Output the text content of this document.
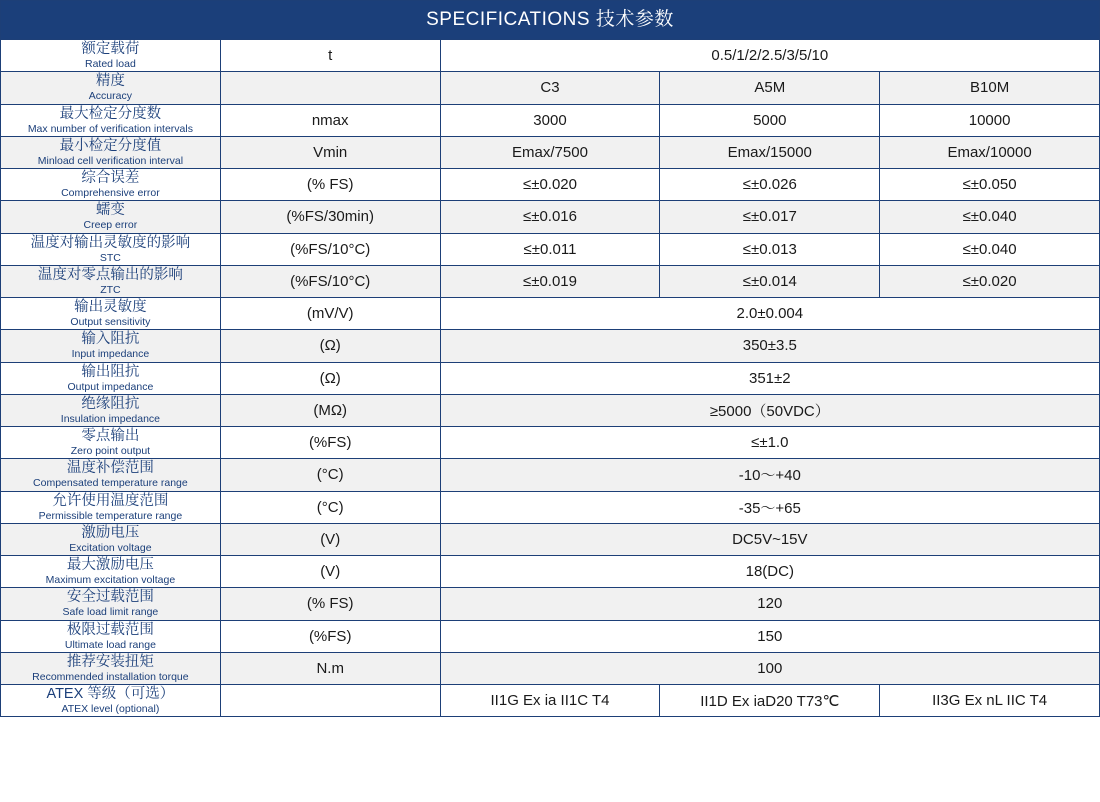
SPECIFICATIONS 技术参数				

额定载荷
Rated load	t	0.5/1/2/2.5/3/5/10		

精度
Accuracy		C3	A5M	B10M

最大检定分度数
Max number of verification intervals	nmax	3000	5000	10000

最小检定分度值
Minload cell verification interval	Vmin	Emax/7500	Emax/15000	Emax/10000

综合误差
Comprehensive error	(% FS)	≤±0.020	≤±0.026	≤±0.050

蠕变
Creep error	(%FS/30min)	≤±0.016	≤±0.017	≤±0.040

温度对输出灵敏度的影响
STC	(%FS/10°C)	≤±0.011	≤±0.013	≤±0.040

温度对零点输出的影响
ZTC	(%FS/10°C)	≤±0.019	≤±0.014	≤±0.020

输出灵敏度
Output sensitivity	(mV/V)	2.0±0.004		

输入阻抗
Input impedance	(Ω)	350±3.5		

输出阻抗
Output impedance	(Ω)	351±2		

绝缘阻抗
Insulation impedance	(MΩ)	≥5000（50VDC）		

零点输出
Zero point output	(%FS)	≤±1.0		

温度补偿范围
Compensated temperature range	(°C)	-10～+40		

允许使用温度范围
Permissible temperature range	(°C)	-35～+65		

激励电压
Excitation voltage	(V)	DC5V~15V		

最大激励电压
Maximum excitation voltage	(V)	18(DC)		

安全过载范围
Safe load limit range	(% FS)	120		

极限过载范围
Ultimate load range	(%FS)	150		

推荐安装扭矩
Recommended installation torque	N.m	100		

ATEX 等级（可选）
ATEX level (optional)		II1G Ex ia II1C T4	II1D Ex iaD20 T73℃	II3G Ex nL IIC T4
